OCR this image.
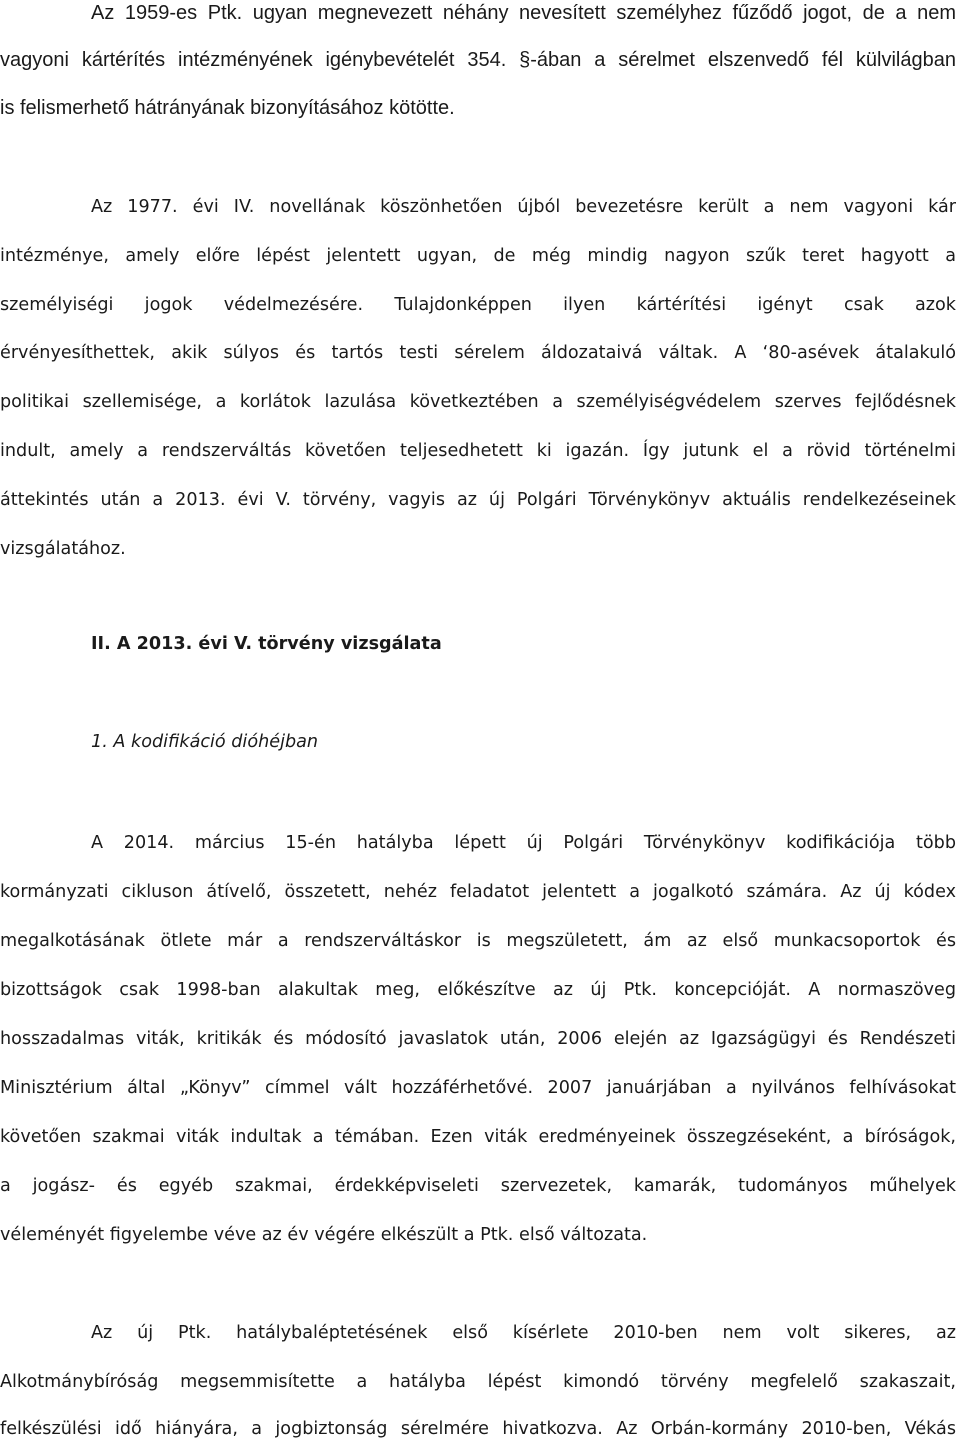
Az 1959-es Ptk. ugyan megnevezett néhány nevesített személyhez fűződő jogot, de a nem
vagyoni kártérítés intézményének igénybevételét 354. §-ában a sérelmet elszenvedő fél külvilágban
is felismerhető hátrányának bizonyításához kötötte.
Az 1977. évi IV. novellának köszönhetően újból bevezetésre került a nem vagyoni kár
intézménye, amely előre lépést jelentett ugyan, de még mindig nagyon szűk teret hagyott a
személyiségi jogok védelmezésére. Tulajdonképpen ilyen kártérítési igényt csak azok
érvényesíthettek, akik súlyos és tartós testi sérelem áldozataivá váltak. A ‘80-asévek átalakuló
politikai szellemisége, a korlátok lazulása következtében a személyiségvédelem szerves fejlődésnek
indult, amely a rendszerváltás követően teljesedhetett ki igazán. Így jutunk el a rövid történelmi
áttekintés után a 2013. évi V. törvény, vagyis az új Polgári Törvénykönyv aktuális rendelkezéseinek
vizsgálatához.
II. A 2013. évi V. törvény vizsgálata
1. A kodifikáció dióhéjban
A 2014. március 15-én hatályba lépett új Polgári Törvénykönyv kodifikációja több
kormányzati cikluson átívelő, összetett, nehéz feladatot jelentett a jogalkotó számára. Az új kódex
megalkotásának ötlete már a rendszerváltáskor is megszületett, ám az első munkacsoportok és
bizottságok csak 1998-ban alakultak meg, előkészítve az új Ptk. koncepcióját. A normaszöveg
hosszadalmas viták, kritikák és módosító javaslatok után, 2006 elején az Igazságügyi és Rendészeti
Minisztérium által „Könyv” címmel vált hozzáférhetővé. 2007 januárjában a nyilvános felhívásokat
követően szakmai viták indultak a témában. Ezen viták eredményeinek összegzéseként, a bíróságok,
a jogász- és egyéb szakmai, érdekképviseleti szervezetek, kamarák, tudományos műhelyek
véleményét figyelembe véve az év végére elkészült a Ptk. első változata.
Az új Ptk. hatálybaléptetésének első kísérlete 2010-ben nem volt sikeres, az
Alkotmánybíróság megsemmisítette a hatályba lépést kimondó törvény megfelelő szakaszait,
felkészülési idő hiányára, a jogbiztonság sérelmére hivatkozva. Az Orbán-kormány 2010-ben, Vékás
